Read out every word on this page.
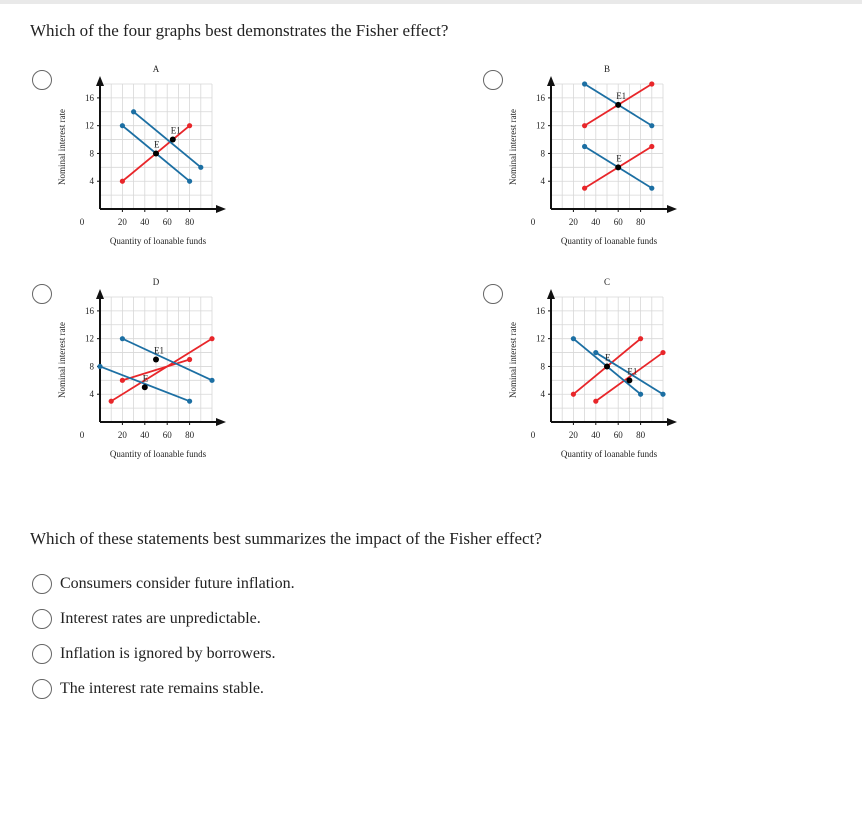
Which of the four graphs best demonstrates the Fisher effect?
20 40 60 80
4
8
12
16
0
Nominal interest rate
Quantity of loanable funds
A
E
E1
20 40 60 80
4
8
12
16
0
Nominal interest rate
Quantity of loanable funds
B
E
E1
20 40 60 80
4
8
12
16
0
Nominal interest rate
Quantity of loanable funds
D
E
E1
20 40 60 80
4
8
12
16
0
Nominal interest rate
Quantity of loanable funds
C
E
E1
Which of these statements best summarizes the impact of the Fisher effect?
Consumers consider future inflation.
Interest rates are unpredictable.
Inflation is ignored by borrowers.
The interest rate remains stable.
